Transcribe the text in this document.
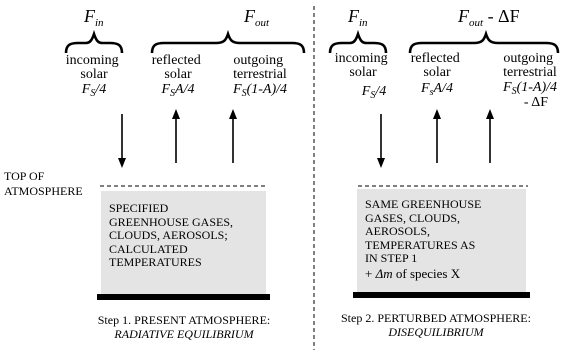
$F_{in}$	$F_{out}$
incoming solar
$F_S/4$
reflected solar
$F_SA/4$
outgoing terrestrial
$F_S(1-A)/4$
TOP OF ATMOSPHERE
Step 1. PRESENT ATMOSPHERE:
RADIATIVE EQUILIBRIUM
$F_{in}$	$F_{out}$ - ΔF
incoming solar
$F_S/4$
reflected solar
$F_sA/4$
outgoing terrestrial
$F_S(1-A)/4$
- ΔF
Step 2. PERTURBED ATMOSPHERE:
DISEQUILIBRIUM

SPECIFIED

GREENHOUSE GASES,

CLOUDS, AEROSOLS;

CALCULATED

TEMPERATURES

SAME GREENHOUSE

GASES, CLOUDS,

AEROSOLS,

TEMPERATURES AS

IN STEP 1

+ Δm of species X
